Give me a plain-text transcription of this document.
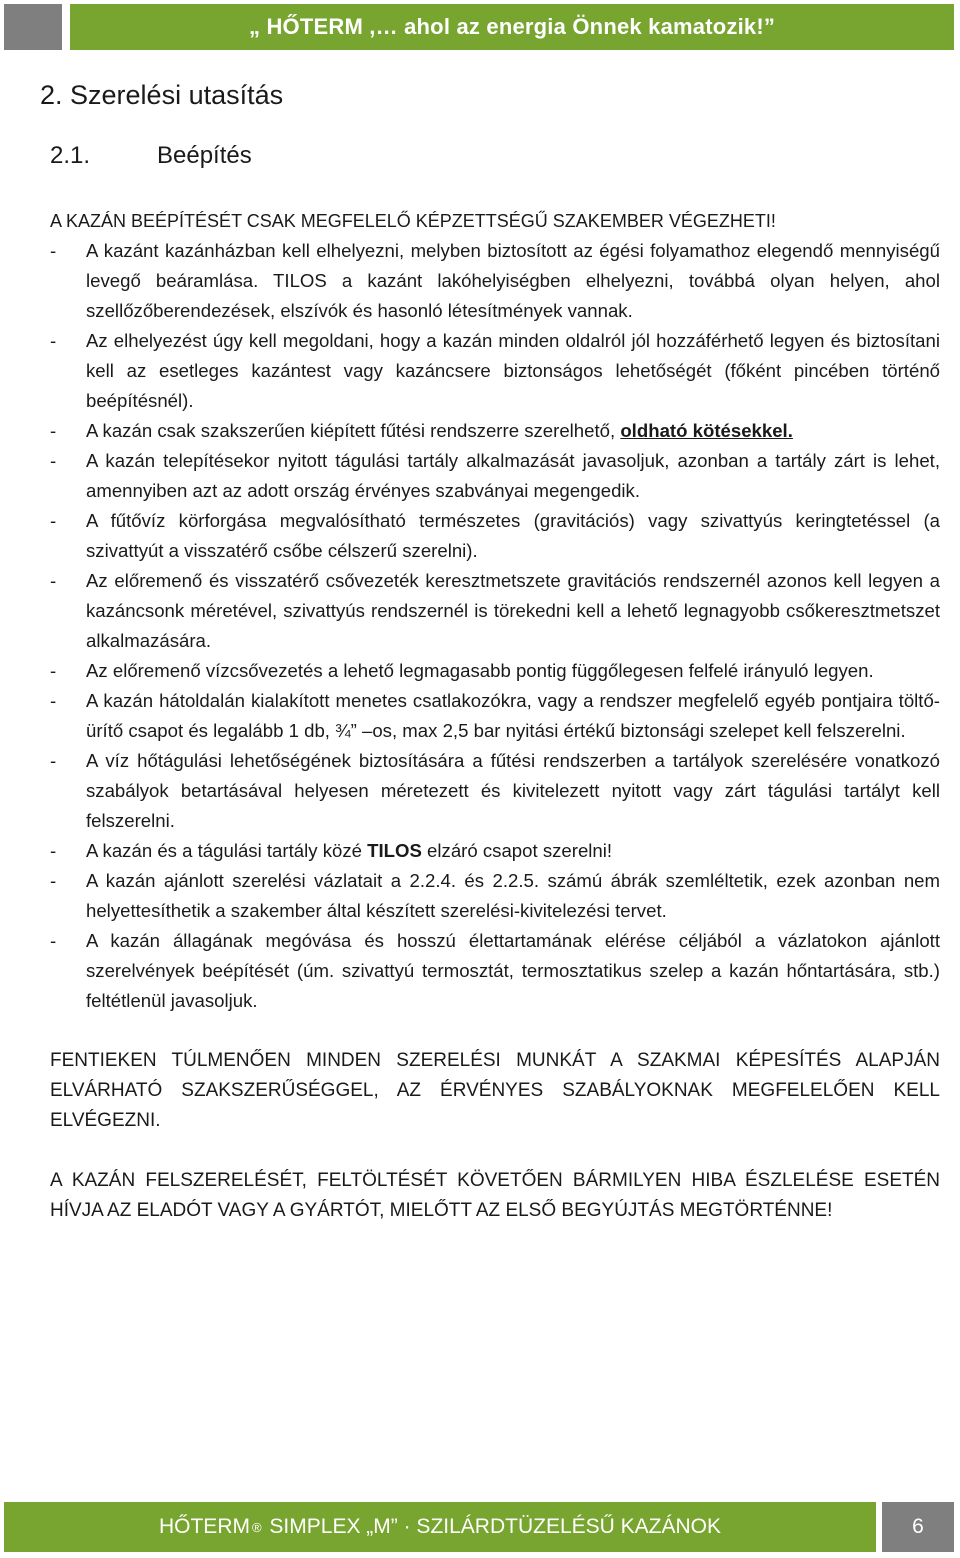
„ HŐTERM ,… ahol az energia Önnek kamatozik!”
2. Szerelési utasítás
2.1.	Beépítés

A KAZÁN BEÉPÍTÉSÉT CSAK MEGFELELŐ KÉPZETTSÉGŰ SZAKEMBER VÉGEZHETI!

- A kazánt kazánházban kell elhelyezni, melyben biztosított az égési folyamathoz elegendő mennyiségű levegő beáramlása. TILOS a kazánt lakóhelyiségben elhelyezni, továbbá olyan helyen, ahol szellőzőberendezések, elszívók és hasonló létesítmények vannak.
- Az elhelyezést úgy kell megoldani, hogy a kazán minden oldalról jól hozzáférhető legyen és biztosítani kell az esetleges kazántest vagy kazáncsere biztonságos lehetőségét (főként pincében történő beépítésnél).
- A kazán csak szakszerűen kiépített fűtési rendszerre szerelhető, oldható kötésekkel.
- A kazán telepítésekor nyitott tágulási tartály alkalmazását javasoljuk, azonban a tartály zárt is lehet, amennyiben azt az adott ország érvényes szabványai megengedik.
- A fűtővíz körforgása megvalósítható természetes (gravitációs) vagy szivattyús keringtetéssel (a szivattyút a visszatérő csőbe célszerű szerelni).
- Az előremenő és visszatérő csővezeték keresztmetszete gravitációs rendszernél azonos kell legyen a kazáncsonk méretével, szivattyús rendszernél is törekedni kell a lehető legnagyobb csőkeresztmetszet alkalmazására.
- Az előremenő vízcsővezetés a lehető legmagasabb pontig függőlegesen felfelé irányuló legyen.
- A kazán hátoldalán kialakított menetes csatlakozókra, vagy a rendszer megfelelő egyéb pontjaira töltő-ürítő csapot és legalább 1 db, ¾” –os, max 2,5 bar nyitási értékű biztonsági szelepet kell felszerelni.
- A víz hőtágulási lehetőségének biztosítására a fűtési rendszerben a tartályok szerelésére vonatkozó szabályok betartásával helyesen méretezett és kivitelezett nyitott vagy zárt tágulási tartályt kell felszerelni.
- A kazán és a tágulási tartály közé TILOS elzáró csapot szerelni!
- A kazán ajánlott szerelési vázlatait a 2.2.4. és 2.2.5. számú ábrák szemléltetik, ezek azonban nem helyettesíthetik a szakember által készített szerelési-kivitelezési tervet.
- A kazán állagának megóvása és hosszú élettartamának elérése céljából a vázlatokon ajánlott szerelvények beépítését (úm. szivattyú termosztát, termosztatikus szelep a kazán hőntartására, stb.) feltétlenül javasoljuk.

FENTIEKEN TÚLMENŐEN MINDEN SZERELÉSI MUNKÁT A SZAKMAI KÉPESÍTÉS ALAPJÁN ELVÁRHATÓ SZAKSZERŰSÉGGEL, AZ ÉRVÉNYES SZABÁLYOKNAK MEGFELELŐEN KELL ELVÉGEZNI.

A KAZÁN FELSZERELÉSÉT, FELTÖLTÉSÉT KÖVETŐEN BÁRMILYEN HIBA ÉSZLELÉSE ESETÉN HÍVJA AZ ELADÓT VAGY A GYÁRTÓT, MIELŐTT AZ ELSŐ BEGYÚJTÁS MEGTÖRTÉNNE!

HŐTERM ®
SIMPLEX „M” · SZILÁRDTÜZELÉSŰ KAZÁNOK	6
